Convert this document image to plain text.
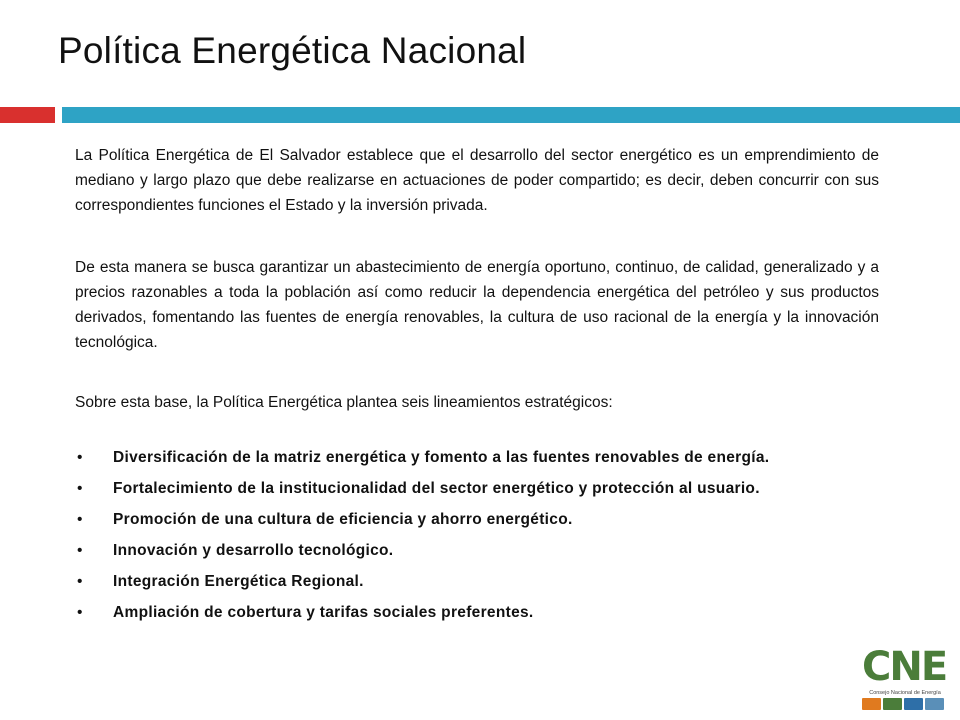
Política Energética Nacional

La Política Energética de El Salvador establece que el desarrollo del sector energético es un emprendimiento de mediano y largo plazo que debe realizarse en actuaciones de poder compartido; es decir, deben concurrir con sus correspondientes funciones el Estado y la inversión privada.

De esta manera se busca garantizar un abastecimiento de energía oportuno, continuo, de calidad, generalizado y a precios razonables a toda la población así como reducir la dependencia energética del petróleo y sus productos derivados, fomentando las fuentes de energía renovables, la cultura de uso racional de la energía y la innovación tecnológica.

Sobre esta base, la Política Energética plantea seis lineamientos estratégicos:

• Diversificación de la matriz energética y fomento a las fuentes renovables de energía.
• Fortalecimiento de la institucionalidad del sector energético y protección al usuario.
• Promoción de una cultura de eficiencia y ahorro energético.
• Innovación y desarrollo tecnológico.
• Integración Energética Regional.
• Ampliación de cobertura y tarifas sociales preferentes.
CNE
Consejo Nacional de Energía
